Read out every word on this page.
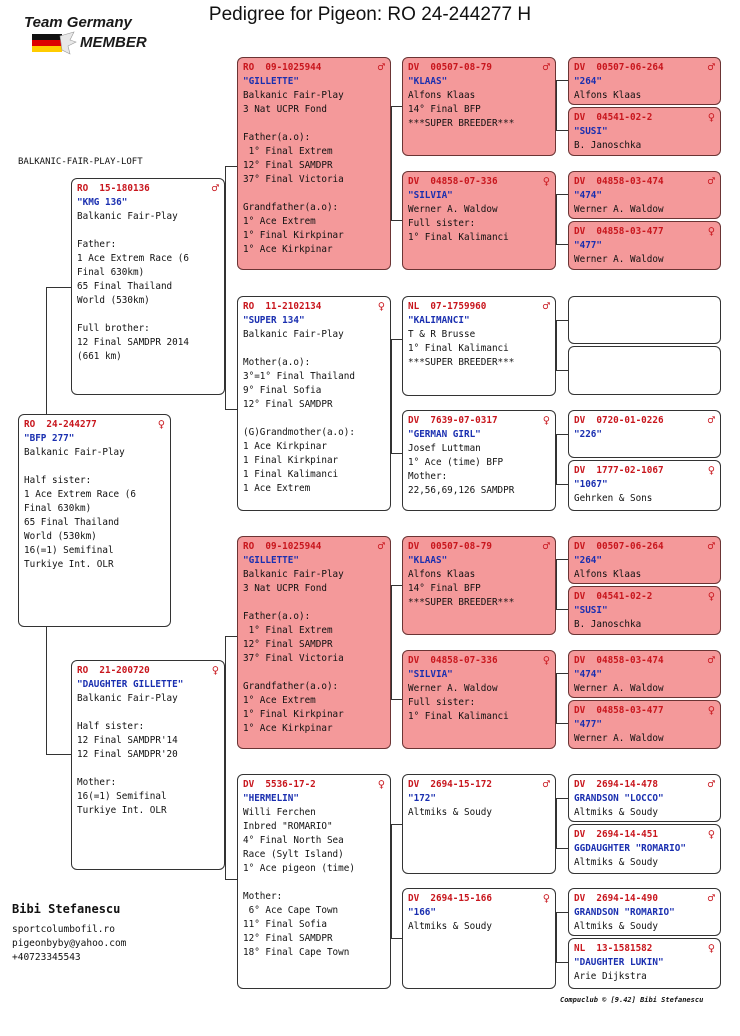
Team Germany
MEMBER
Pedigree for Pigeon: RO 24-244277 H
BALKANIC-FAIR-PLAY-LOFT
RO  24-244277	♀
"BFP 277"
Balkanic Fair-Play
Half sister:
1 Ace Extrem Race (6
Final 630km)
65 Final Thailand
World (530km)
16(=1) Semifinal
Turkiye Int. OLR
RO  15-180136	♂
"KMG 136"
Balkanic Fair-Play
Father:
1 Ace Extrem Race (6
Final 630km)
65 Final Thailand
World (530km)
Full brother:
12 Final SAMDPR 2014
(661 km)
RO  21-200720	♀
"DAUGHTER GILLETTE"
Balkanic Fair-Play
Half sister:
12 Final SAMDPR'14
12 Final SAMDPR'20
Mother:
16(=1) Semifinal
Turkiye Int. OLR
RO  09-1025944	♂
"GILLETTE"
Balkanic Fair-Play
3 Nat UCPR Fond
Father(a.o):
1° Final Extrem
12° Final SAMDPR
37° Final Victoria
Grandfather(a.o):
1° Ace Extrem
1° Final Kirkpinar
1° Ace Kirkpinar
RO  11-2102134	♀
"SUPER 134"
Balkanic Fair-Play
Mother(a.o):
3°=1° Final Thailand
9° Final Sofia
12° Final SAMDPR
(G)Grandmother(a.o):
1 Ace Kirkpinar
1 Final Kirkpinar
1 Final Kalimanci
1 Ace Extrem
RO  09-1025944	♂
"GILLETTE"
Balkanic Fair-Play
3 Nat UCPR Fond
Father(a.o):
1° Final Extrem
12° Final SAMDPR
37° Final Victoria
Grandfather(a.o):
1° Ace Extrem
1° Final Kirkpinar
1° Ace Kirkpinar
DV  5536-17-2	♀
"HERMELIN"
Willi Ferchen
Inbred "ROMARIO"
4° Final North Sea
Race (Sylt Island)
1° Ace pigeon (time)
Mother:
6° Ace Cape Town
11° Final Sofia
12° Final SAMDPR
18° Final Cape Town
DV  00507-08-79	♂
"KLAAS"
Alfons Klaas
14° Final BFP
***SUPER BREEDER***
DV  04858-07-336	♀
"SILVIA"
Werner A. Waldow
Full sister:
1° Final Kalimanci
NL  07-1759960	♂
"KALIMANCI"
T & R Brusse
1° Final Kalimanci
***SUPER BREEDER***
DV  7639-07-0317	♀
"GERMAN GIRL"
Josef Luttman
1° Ace (time) BFP
Mother:
22,56,69,126 SAMDPR
DV  00507-08-79	♂
"KLAAS"
Alfons Klaas
14° Final BFP
***SUPER BREEDER***
DV  04858-07-336	♀
"SILVIA"
Werner A. Waldow
Full sister:
1° Final Kalimanci
DV  2694-15-172	♂
"172"
Altmiks & Soudy
DV  2694-15-166	♀
"166"
Altmiks & Soudy
DV  00507-06-264	♂
"264"
Alfons Klaas
DV  04541-02-2	♀
"SUSI"
B. Janoschka
DV  04858-03-474	♂
"474"
Werner A. Waldow
DV  04858-03-477	♀
"477"
Werner A. Waldow
DV  0720-01-0226	♂
"226"
DV  1777-02-1067	♀
"1067"
Gehrken & Sons
DV  00507-06-264	♂
"264"
Alfons Klaas
DV  04541-02-2	♀
"SUSI"
B. Janoschka
DV  04858-03-474	♂
"474"
Werner A. Waldow
DV  04858-03-477	♀
"477"
Werner A. Waldow
DV  2694-14-478	♂
GRANDSON "LOCCO"
Altmiks & Soudy
DV  2694-14-451	♀
GGDAUGHTER "ROMARIO"
Altmiks & Soudy
DV  2694-14-490	♂
GRANDSON "ROMARIO"
Altmiks & Soudy
NL  13-1581582	♀
"DAUGHTER LUKIN"
Arie Dijkstra
Bibi Stefanescu
sportcolumbofil.ro
pigeonbyby@yahoo.com
+40723345543
Compuclub © [9.42] Bibi Stefanescu
